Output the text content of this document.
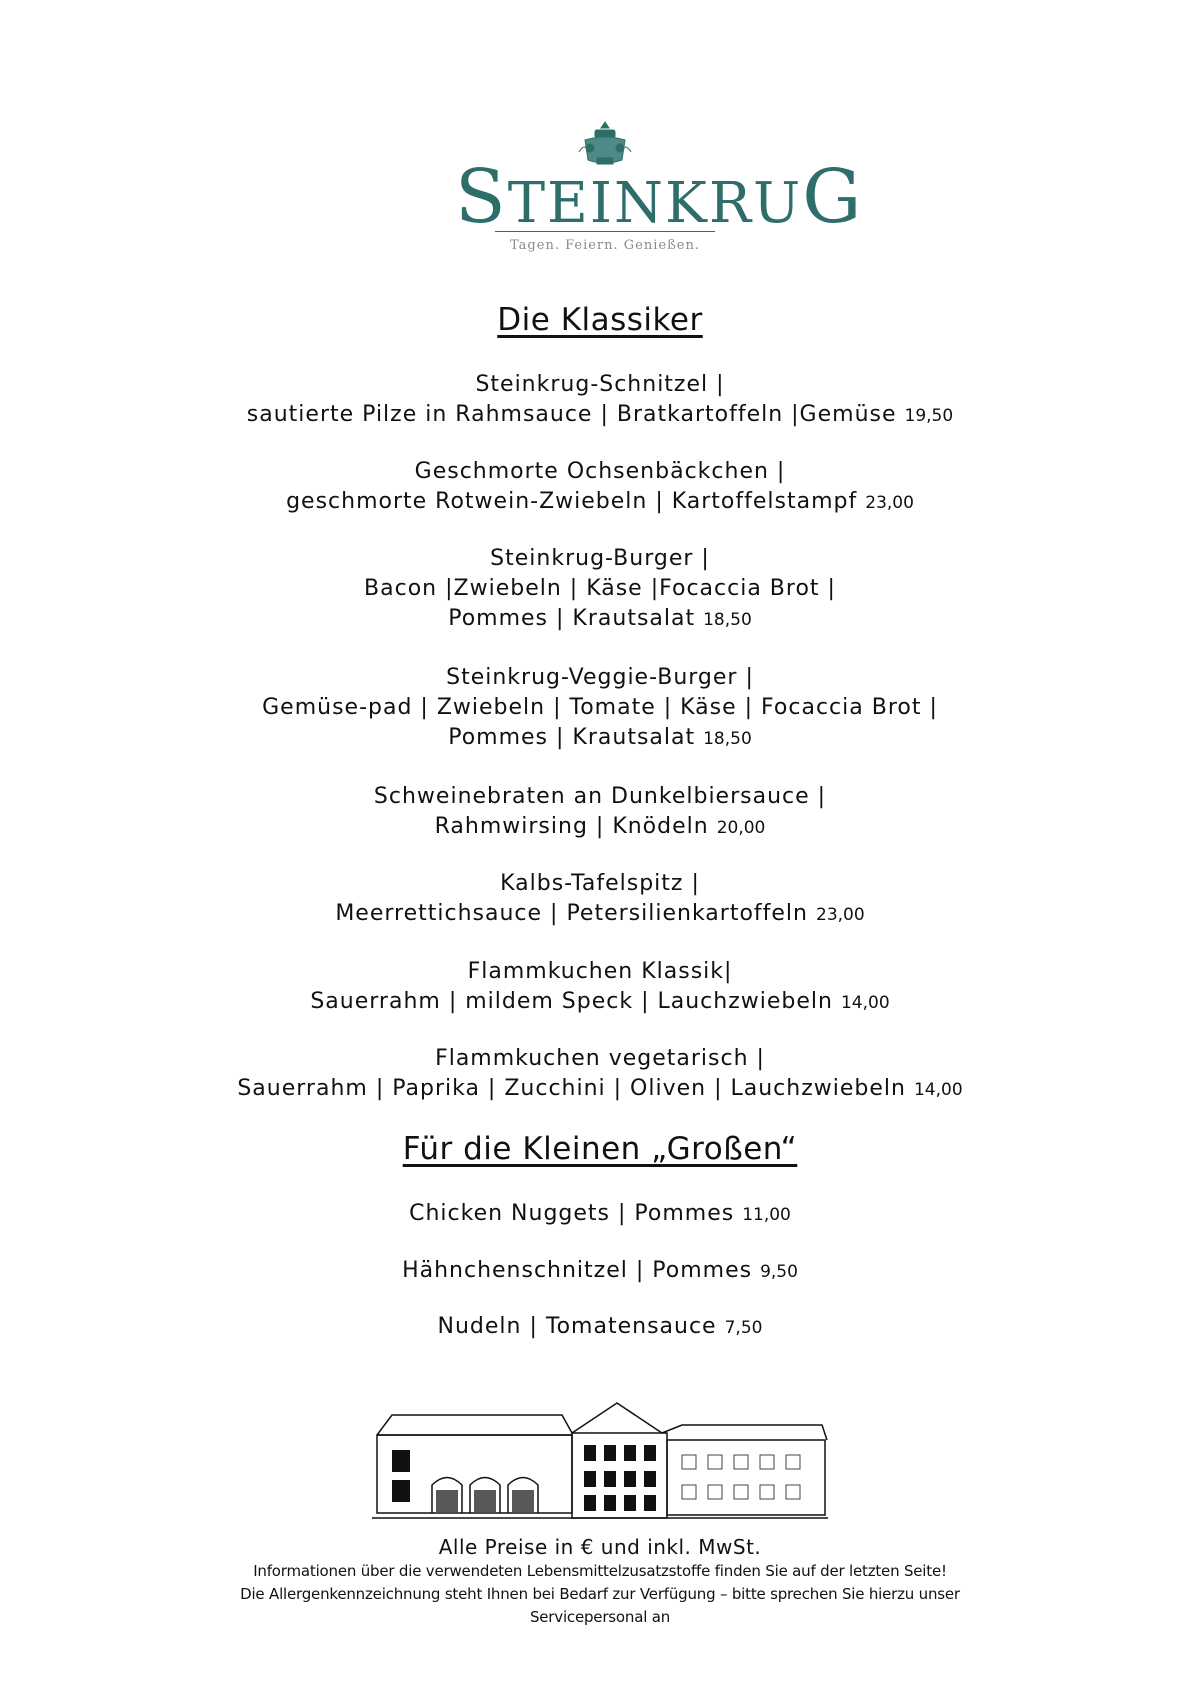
STEINKRUG
Tagen. Feiern. Genießen.
Die Klassiker

Steinkrug-Schnitzel |
sautierte Pilze in Rahmsauce | Bratkartoffeln |Gemüse 19,50

Geschmorte Ochsenbäckchen |
geschmorte Rotwein-Zwiebeln | Kartoffelstampf 23,00

Steinkrug-Burger |
Bacon |Zwiebeln | Käse |Focaccia Brot |
Pommes | Krautsalat 18,50

Steinkrug-Veggie-Burger |
Gemüse-pad | Zwiebeln | Tomate | Käse | Focaccia Brot |
Pommes | Krautsalat 18,50

Schweinebraten an Dunkelbiersauce |
Rahmwirsing | Knödeln 20,00

Kalbs-Tafelspitz |
Meerrettichsauce | Petersilienkartoffeln 23,00

Flammkuchen Klassik|
Sauerrahm | mildem Speck | Lauchzwiebeln 14,00

Flammkuchen vegetarisch |
Sauerrahm | Paprika | Zucchini | Oliven | Lauchzwiebeln 14,00

Für die Kleinen „Großen“

Chicken Nuggets | Pommes 11,00

Hähnchenschnitzel | Pommes 9,50

Nudeln | Tomatensauce 7,50

Alle Preise in € und inkl. MwSt.
Informationen über die verwendeten Lebensmittelzusatzstoffe finden Sie auf der letzten Seite!
Die Allergenkennzeichnung steht Ihnen bei Bedarf zur Verfügung – bitte sprechen Sie hierzu unser
Servicepersonal an
